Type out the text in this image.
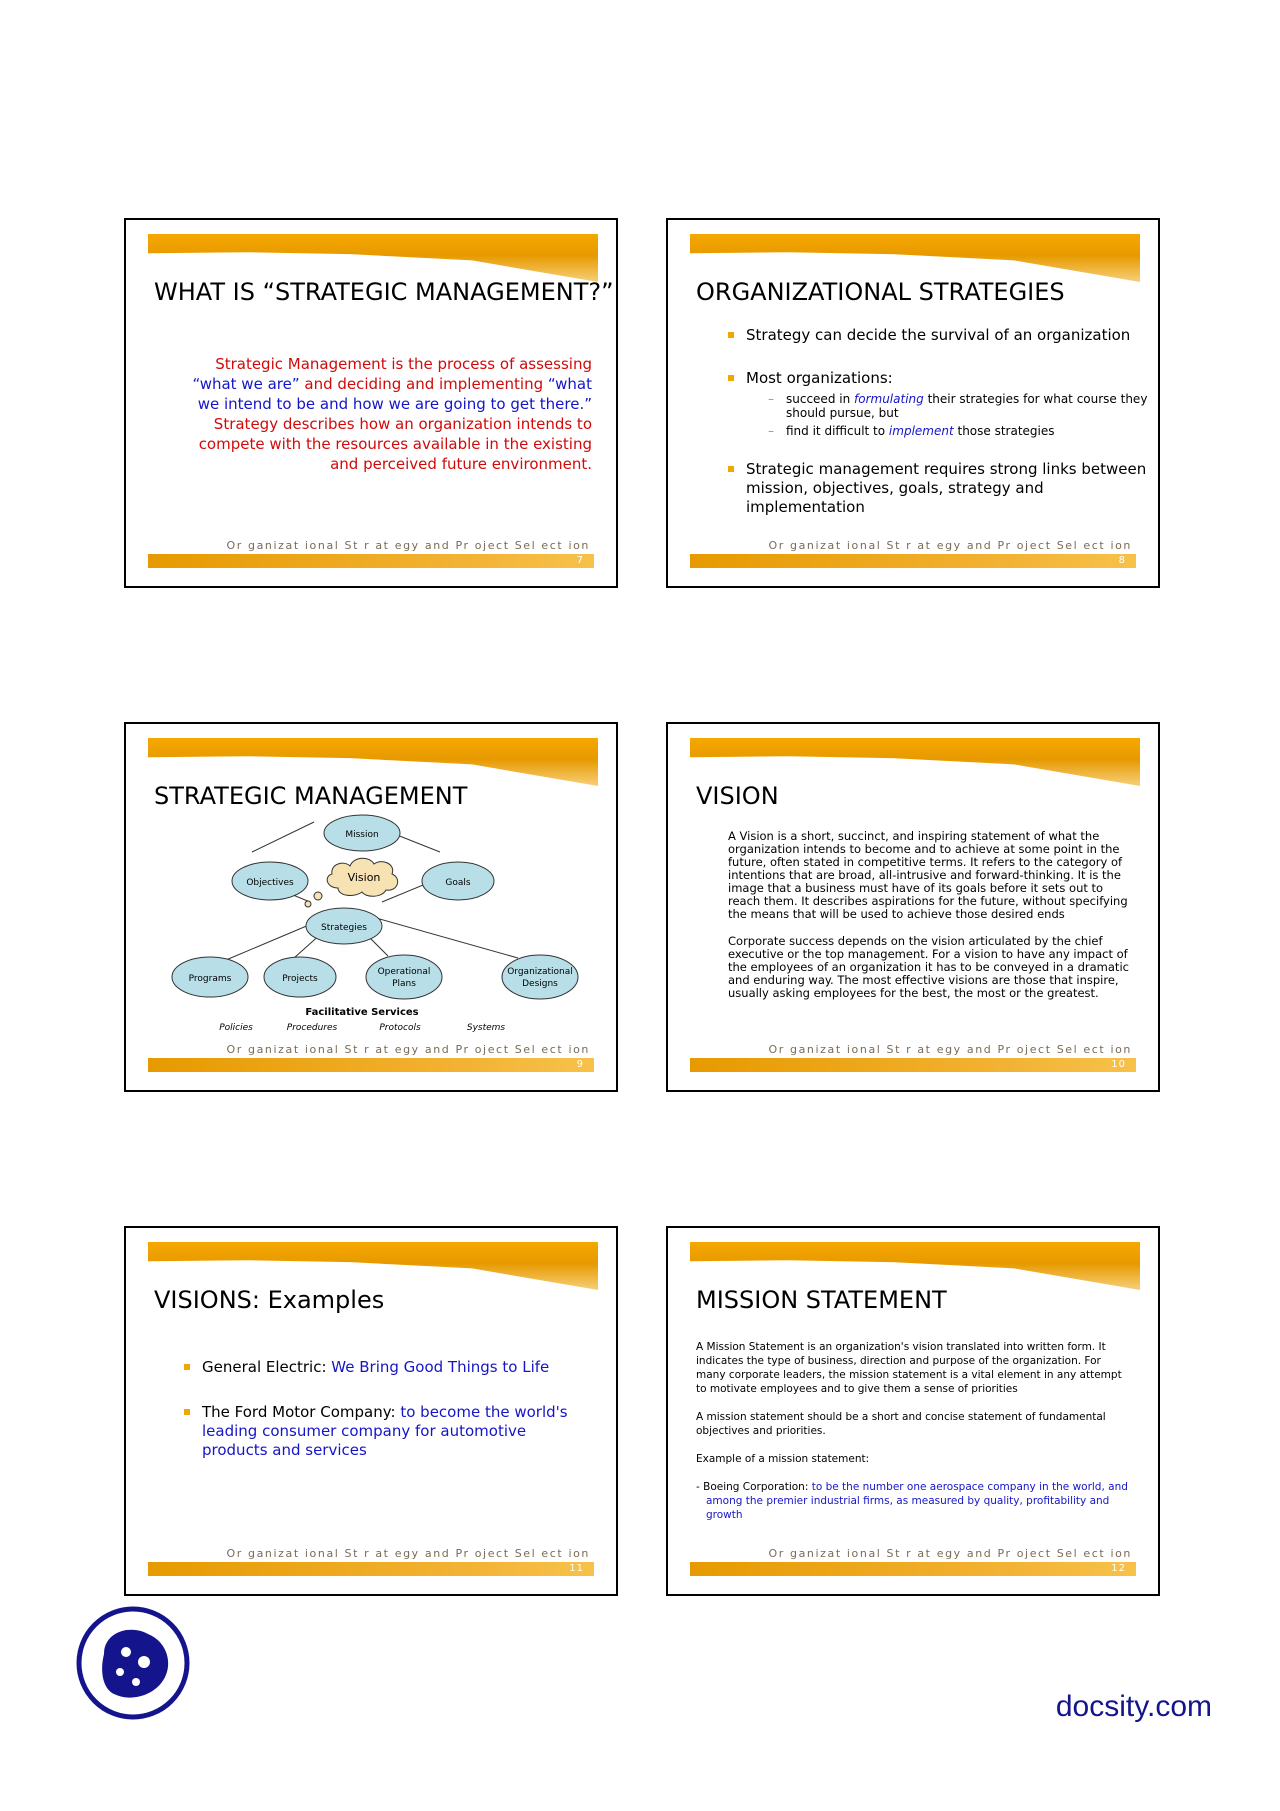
WHAT IS “STRATEGIC MANAGEMENT?”
Strategic Management is the process of assessing “what we are” and deciding and implementing “what we intend to be and how we are going to get there.” Strategy describes how an organization intends to compete with the resources available in the existing and perceived future environment.
Or ganizat ional St r at egy and Pr oject Sel ect ion
7
ORGANIZATIONAL STRATEGIES
Strategy can decide the survival of an organization
Most organizations:
– succeed in formulating their strategies for what course they should pursue, but
– find it difficult to implement those strategies
Strategic management requires strong links between mission, objectives, goals, strategy and implementation
Or ganizat ional St r at egy and Pr oject Sel ect ion
8
STRATEGIC MANAGEMENT
Mission
Objectives	Vision	Goals
Strategies
Programs	Projects
Operational
Plans
Organizational
Designs
Facilitative Services
Policies	Procedures	Protocols	Systems
Or ganizat ional St r at egy and Pr oject Sel ect ion
9
VISION

A Vision is a short, succinct, and inspiring statement of what the organization intends to become and to achieve at some point in the future, often stated in competitive terms. It refers to the category of intentions that are broad, all-intrusive and forward-thinking. It is the image that a business must have of its goals before it sets out to reach them. It describes aspirations for the future, without specifying the means that will be used to achieve those desired ends

Corporate success depends on the vision articulated by the chief executive or the top management. For a vision to have any impact of the employees of an organization it has to be conveyed in a dramatic and enduring way. The most effective visions are those that inspire, usually asking employees for the best, the most or the greatest.

Or ganizat ional St r at egy and Pr oject Sel ect ion
10
VISIONS: Examples
General Electric: We Bring Good Things to Life
The Ford Motor Company: to become the world's leading consumer company for automotive products and services
Or ganizat ional St r at egy and Pr oject Sel ect ion
11
MISSION STATEMENT

A Mission Statement is an organization's vision translated into written form. It indicates the type of business, direction and purpose of the organization. For many corporate leaders, the mission statement is a vital element in any attempt to motivate employees and to give them a sense of priorities

A mission statement should be a short and concise statement of fundamental objectives and priorities.

Example of a mission statement:

- Boeing Corporation: to be the number one aerospace company in the world, and among the premier industrial firms, as measured by quality, profitability and growth

Or ganizat ional St r at egy and Pr oject Sel ect ion
12
docsity.com
